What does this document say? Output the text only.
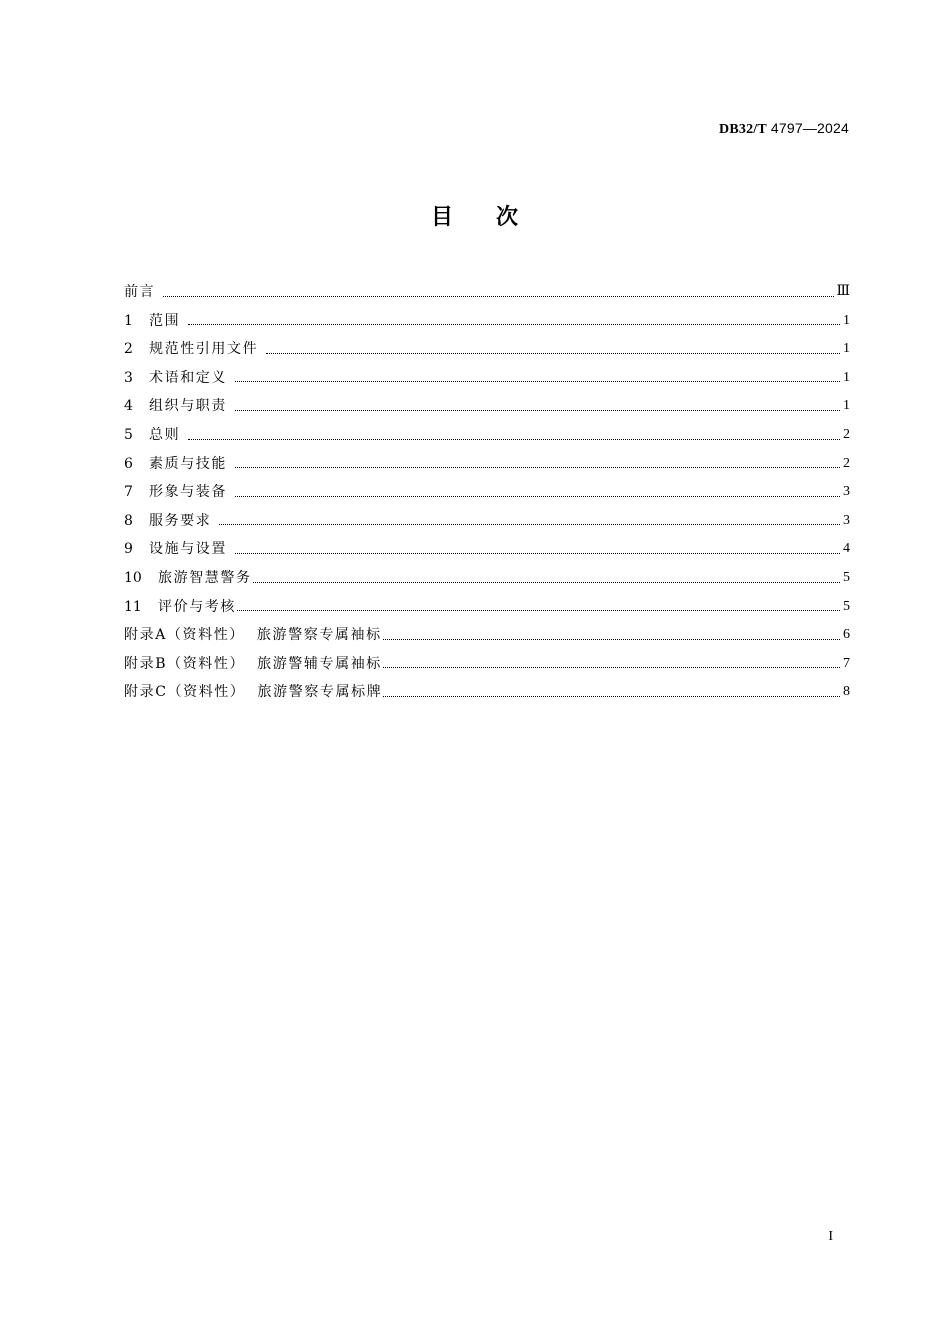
DB32/T 4797—2024
目 次
前言	Ⅲ
1	范围	1
2	规范性引用文件	1
3	术语和定义	1
4	组织与职责	1
5	总则	2
6	素质与技能	2
7	形象与装备	3
8	服务要求	3
9	设施与设置	4
10	旅游智慧警务	5
11	评价与考核	5
附录A（资料性） 旅游警察专属袖标	6
附录B（资料性） 旅游警辅专属袖标	7
附录C（资料性） 旅游警察专属标牌	8
I
